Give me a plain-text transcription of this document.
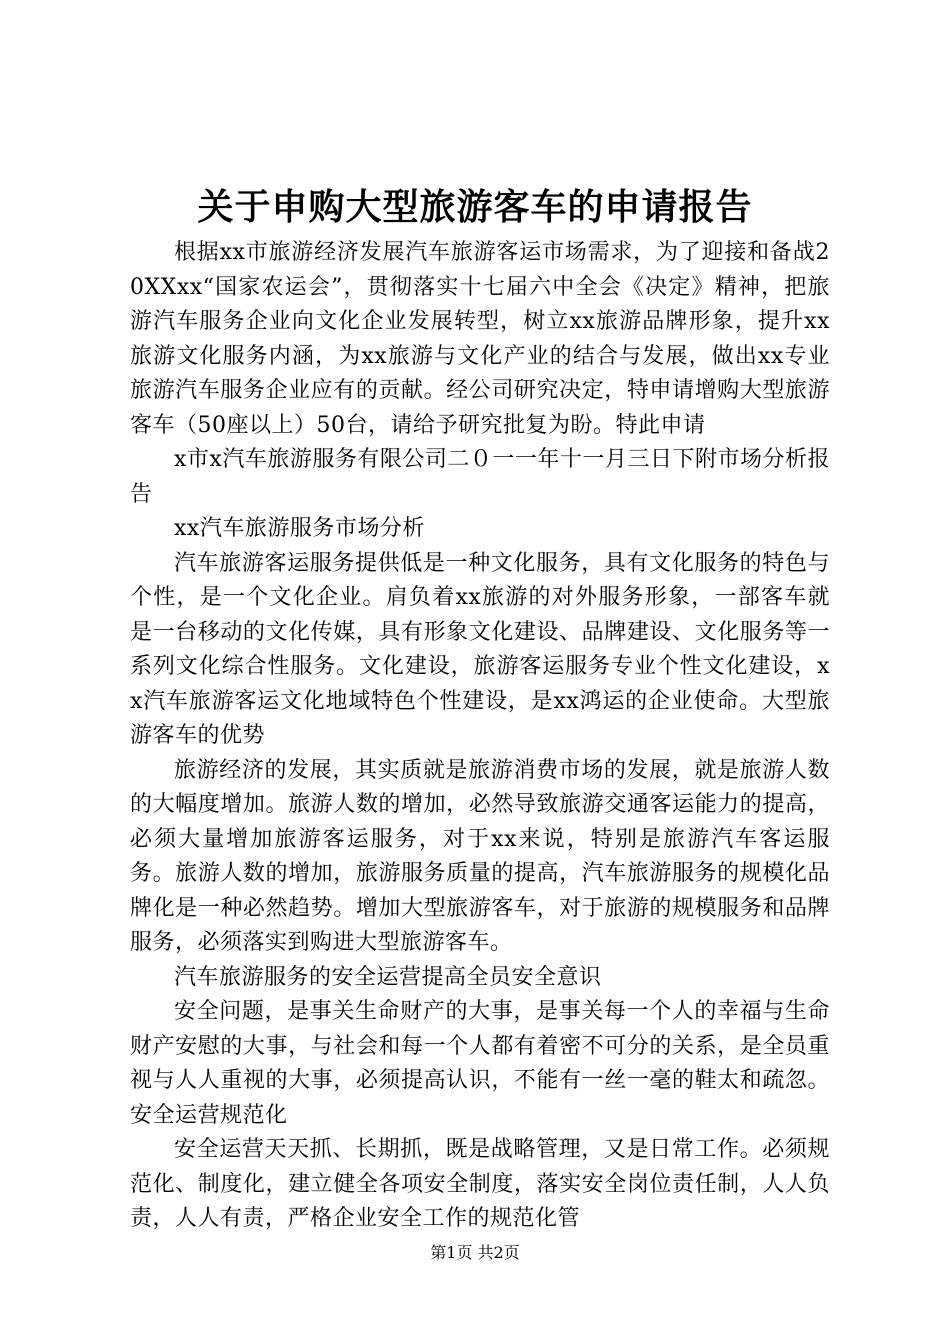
关于申购大型旅游客车的申请报告

根据xx市旅游经济发展汽车旅游客运市场需求，为了迎接和备战20XXxx“国家农运会”，贯彻落实十七届六中全会《决定》精神，把旅游汽车服务企业向文化企业发展转型，树立xx旅游品牌形象，提升xx旅游文化服务内涵，为xx旅游与文化产业的结合与发展，做出xx专业旅游汽车服务企业应有的贡献。经公司研究决定，特申请增购大型旅游客车（50座以上）50台，请给予研究批复为盼。特此申请

x市x汽车旅游服务有限公司二０一一年十一月三日下附市场分析报告

xx汽车旅游服务市场分析

汽车旅游客运服务提供低是一种文化服务，具有文化服务的特色与个性，是一个文化企业。肩负着xx旅游的对外服务形象，一部客车就是一台移动的文化传媒，具有形象文化建设、品牌建设、文化服务等一系列文化综合性服务。文化建设，旅游客运服务专业个性文化建设，xx汽车旅游客运文化地域特色个性建设，是xx鸿运的企业使命。大型旅游客车的优势

旅游经济的发展，其实质就是旅游消费市场的发展，就是旅游人数的大幅度增加。旅游人数的增加，必然导致旅游交通客运能力的提高，必须大量增加旅游客运服务，对于xx来说，特别是旅游汽车客运服务。旅游人数的增加，旅游服务质量的提高，汽车旅游服务的规模化品牌化是一种必然趋势。增加大型旅游客车，对于旅游的规模服务和品牌服务，必须落实到购进大型旅游客车。

汽车旅游服务的安全运营提高全员安全意识

安全问题，是事关生命财产的大事，是事关每一个人的幸福与生命财产安慰的大事，与社会和每一个人都有着密不可分的关系，是全员重视与人人重视的大事，必须提高认识，不能有一丝一毫的鞋太和疏忽。安全运营规范化

安全运营天天抓、长期抓，既是战略管理，又是日常工作。必须规范化、制度化，建立健全各项安全制度，落实安全岗位责任制，人人负责，人人有责，严格企业安全工作的规范化管

第1页 共2页
